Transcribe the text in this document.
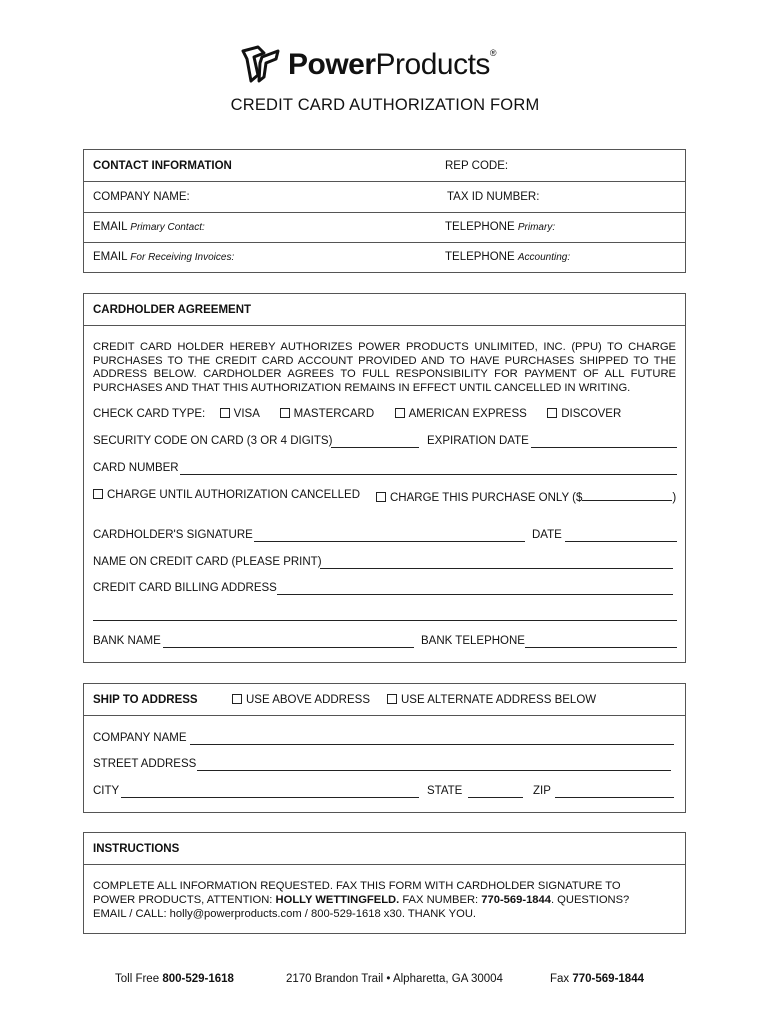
PowerProducts®
CREDIT CARD AUTHORIZATION FORM
CONTACT INFORMATION	REP CODE:
COMPANY NAME:	TAX ID NUMBER:
EMAIL Primary Contact:	TELEPHONE Primary:
EMAIL For Receiving Invoices:	TELEPHONE Accounting:
CARDHOLDER AGREEMENT
CREDIT CARD HOLDER HEREBY AUTHORIZES POWER PRODUCTS UNLIMITED, INC. (PPU) TO CHARGE PURCHASES TO THE CREDIT CARD ACCOUNT PROVIDED AND TO HAVE PURCHASES SHIPPED TO THE ADDRESS BELOW. CARDHOLDER AGREES TO FULL RESPONSIBILITY FOR PAYMENT OF ALL FUTURE PURCHASES AND THAT THIS AUTHORIZATION REMAINS IN EFFECT UNTIL CANCELLED IN WRITING.
CHECK CARD TYPE: VISA	MASTERCARD	AMERICAN EXPRESS	DISCOVER
SECURITY CODE ON CARD (3 OR 4 DIGITS)	EXPIRATION DATE
CARD NUMBER
CHARGE UNTIL AUTHORIZATION CANCELLED	CHARGE THIS PURCHASE ONLY ($	)
CARDHOLDER'S SIGNATURE	DATE
NAME ON CREDIT CARD (PLEASE PRINT)
CREDIT CARD BILLING ADDRESS
BANK NAME	BANK TELEPHONE
SHIP TO ADDRESS	USE ABOVE ADDRESS	USE ALTERNATE ADDRESS BELOW
COMPANY NAME
STREET ADDRESS
CITY	STATE	ZIP
INSTRUCTIONS
COMPLETE ALL INFORMATION REQUESTED. FAX THIS FORM WITH CARDHOLDER SIGNATURE TO
POWER PRODUCTS, ATTENTION: HOLLY WETTINGFELD. FAX NUMBER: 770-569-1844. QUESTIONS?
EMAIL / CALL: holly@powerproducts.com / 800-529-1618 x30. THANK YOU.
Toll Free 800-529-1618	2170 Brandon Trail • Alpharetta, GA 30004	Fax 770-569-1844
